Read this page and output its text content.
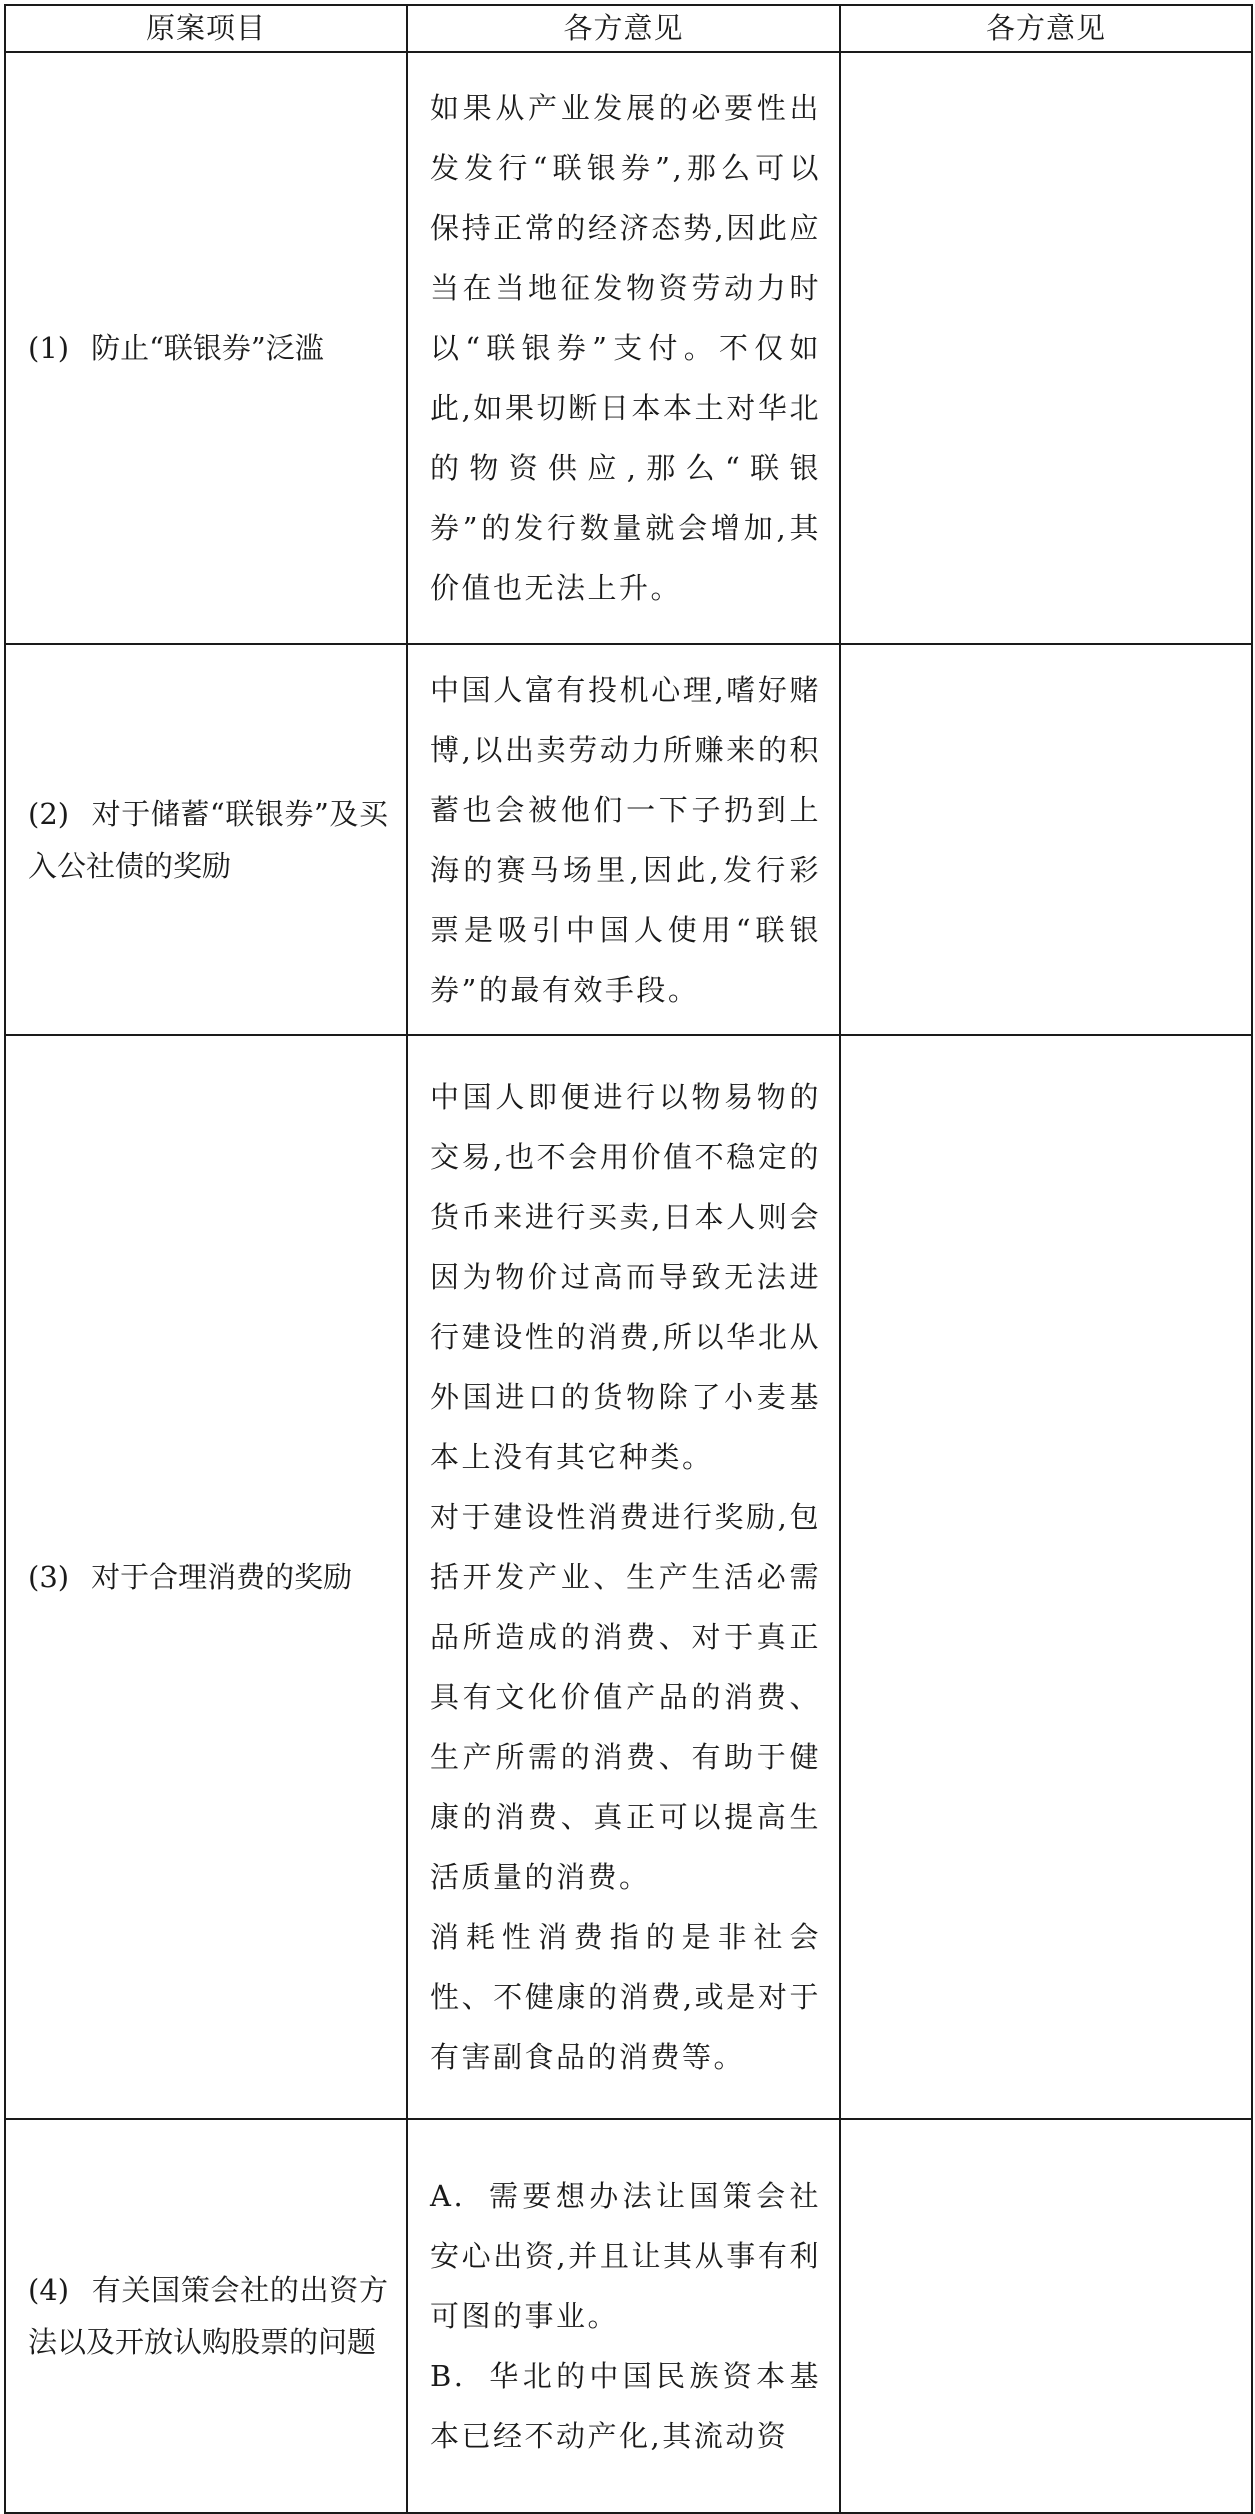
原案项目	各方意见	各方意见

(1) 防止“联银券”泛滥	如果从产业发展的必要性出发发行“联银券”,那么可以保持正常的经济态势,因此应当在当地征发物资劳动力时以“联银券”支付。不仅如此,如果切断日本本土对华北的物资供应,那么“联银券”的发行数量就会增加,其价值也无法上升。	

(2) 对于储蓄“联银券”及买入公社债的奖励	中国人富有投机心理,嗜好赌博,以出卖劳动力所赚来的积蓄也会被他们一下子扔到上海的赛马场里,因此,发行彩票是吸引中国人使用“联银券”的最有效手段。	

(3) 对于合理消费的奖励	中国人即便进行以物易物的交易,也不会用价值不稳定的货币来进行买卖,日本人则会因为物价过高而导致无法进行建设性的消费,所以华北从外国进口的货物除了小麦基本上没有其它种类。

对于建设性消费进行奖励,包括开发产业、生产生活必需品所造成的消费、对于真正具有文化价值产品的消费、生产所需的消费、有助于健康的消费、真正可以提高生活质量的消费。

消耗性消费指的是非社会性、不健康的消费,或是对于有害副食品的消费等。	

(4) 有关国策会社的出资方法以及开放认购股票的问题	A. 需要想办法让国策会社安心出资,并且让其从事有利可图的事业。

B. 华北的中国民族资本基本已经不动产化,其流动资	
